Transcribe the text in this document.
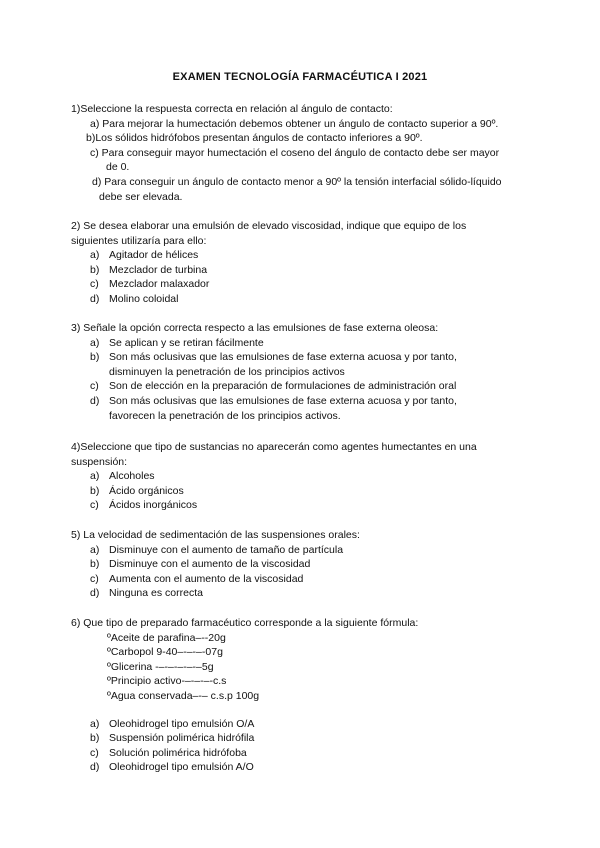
EXAMEN TECNOLOGÍA FARMACÉUTICA I 2021

1)Seleccione la respuesta correcta en relación al ángulo de contacto:

a) Para mejorar la humectación debemos obtener un ángulo de contacto superior a 90º.
b)Los sólidos hidrófobos presentan ángulos de contacto inferiores a 90º.
c) Para conseguir mayor humectación el coseno del ángulo de contacto debe ser mayor
de 0.
d) Para conseguir un ángulo de contacto menor a 90º la tensión interfacial sólido-líquido
debe ser elevada.

2) Se desea elaborar una emulsión de elevado viscosidad, indique que equipo de los

siguientes utilizaría para ello:

a) Agitador de hélices
b) Mezclador de turbina
c) Mezclador malaxador
d) Molino coloidal

3) Señale la opción correcta respecto a las emulsiones de fase externa oleosa:

a) Se aplican y se retiran fácilmente
b) Son más oclusivas que las emulsiones de fase externa acuosa y por tanto,
disminuyen la penetración de los principios activos
c) Son de elección en la preparación de formulaciones de administración oral
d) Son más oclusivas que las emulsiones de fase externa acuosa y por tanto,
favorecen la penetración de los principios activos.

4)Seleccione que tipo de sustancias no aparecerán como agentes humectantes en una

suspensión:

a) Alcoholes
b) Ácido orgánicos
c) Ácidos inorgánicos

5) La velocidad de sedimentación de las suspensiones orales:

a) Disminuye con el aumento de tamaño de partícula
b) Disminuye con el aumento de la viscosidad
c) Aumenta con el aumento de la viscosidad
d) Ninguna es correcta

6) Que tipo de preparado farmacéutico corresponde a la siguiente fórmula:

ºAceite de parafina–--20g
ºCarbopol 9-40–-–-–-07g
ºGlicerina -–-–-–-–-–5g
ºPrincipio activo-–-–-–-c.s
ºAgua conservada–-– c.s.p 100g
a) Oleohidrogel tipo emulsión O/A
b) Suspensión polimérica hidrófila
c) Solución polimérica hidrófoba
d) Oleohidrogel tipo emulsión A/O
